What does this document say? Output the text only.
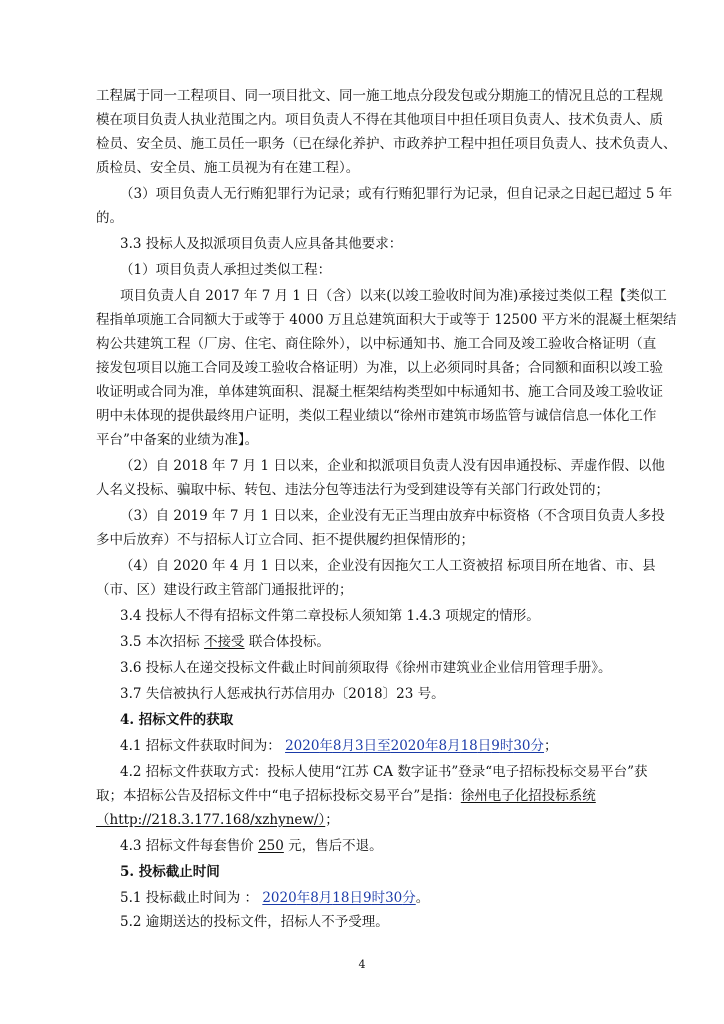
工程属于同一工程项目、同一项目批文、同一施工地点分段发包或分期施工的情况且总的工程规
模在项目负责人执业范围之内。项目负责人不得在其他项目中担任项目负责人、技术负责人、质
检员、安全员、施工员任一职务（已在绿化养护、市政养护工程中担任项目负责人、技术负责人、
质检员、安全员、施工员视为有在建工程）。
（3）项目负责人无行贿犯罪行为记录；或有行贿犯罪行为记录，但自记录之日起已超过 5 年
的。
3.3 投标人及拟派项目负责人应具备其他要求：
（1）项目负责人承担过类似工程：
项目负责人自 2017 年 7 月 1 日（含）以来(以竣工验收时间为准)承接过类似工程【类似工
程指单项施工合同额大于或等于 4000 万且总建筑面积大于或等于 12500 平方米的混凝土框架结
构公共建筑工程（厂房、住宅、商住除外），以中标通知书、施工合同及竣工验收合格证明（直
接发包项目以施工合同及竣工验收合格证明）为准，以上必须同时具备；合同额和面积以竣工验
收证明或合同为准，单体建筑面积、混凝土框架结构类型如中标通知书、施工合同及竣工验收证
明中未体现的提供最终用户证明，类似工程业绩以“徐州市建筑市场监管与诚信信息一体化工作
平台”中备案的业绩为准】。
（2）自 2018 年 7 月 1 日以来，企业和拟派项目负责人没有因串通投标、弄虚作假、以他
人名义投标、骗取中标、转包、违法分包等违法行为受到建设等有关部门行政处罚的；
（3）自 2019 年 7 月 1 日以来，企业没有无正当理由放弃中标资格（不含项目负责人多投
多中后放弃）不与招标人订立合同、拒不提供履约担保情形的；
（4）自 2020 年 4 月 1 日以来，企业没有因拖欠工人工资被招 标项目所在地省、市、县
（市、区）建设行政主管部门通报批评的；
3.4 投标人不得有招标文件第二章投标人须知第 1.4.3 项规定的情形。
3.5 本次招标 不接受 联合体投标。
3.6 投标人在递交投标文件截止时间前须取得《徐州市建筑业企业信用管理手册》。
3.7 失信被执行人惩戒执行苏信用办〔2018〕23 号。
4. 招标文件的获取
4.1 招标文件获取时间为： 2020年8月3日至2020年8月18日9时30分；
4.2 招标文件获取方式：投标人使用“江苏 CA 数字证书”登录“电子招标投标交易平台”获
取；本招标公告及招标文件中“电子招标投标交易平台”是指：徐州电子化招投标系统
（http://218.3.177.168/xzhynew/）；
4.3 招标文件每套售价 250 元，售后不退。
5. 投标截止时间
5.1 投标截止时间为 ： 2020年8月18日9时30分。
5.2 逾期送达的投标文件，招标人不予受理。
4
